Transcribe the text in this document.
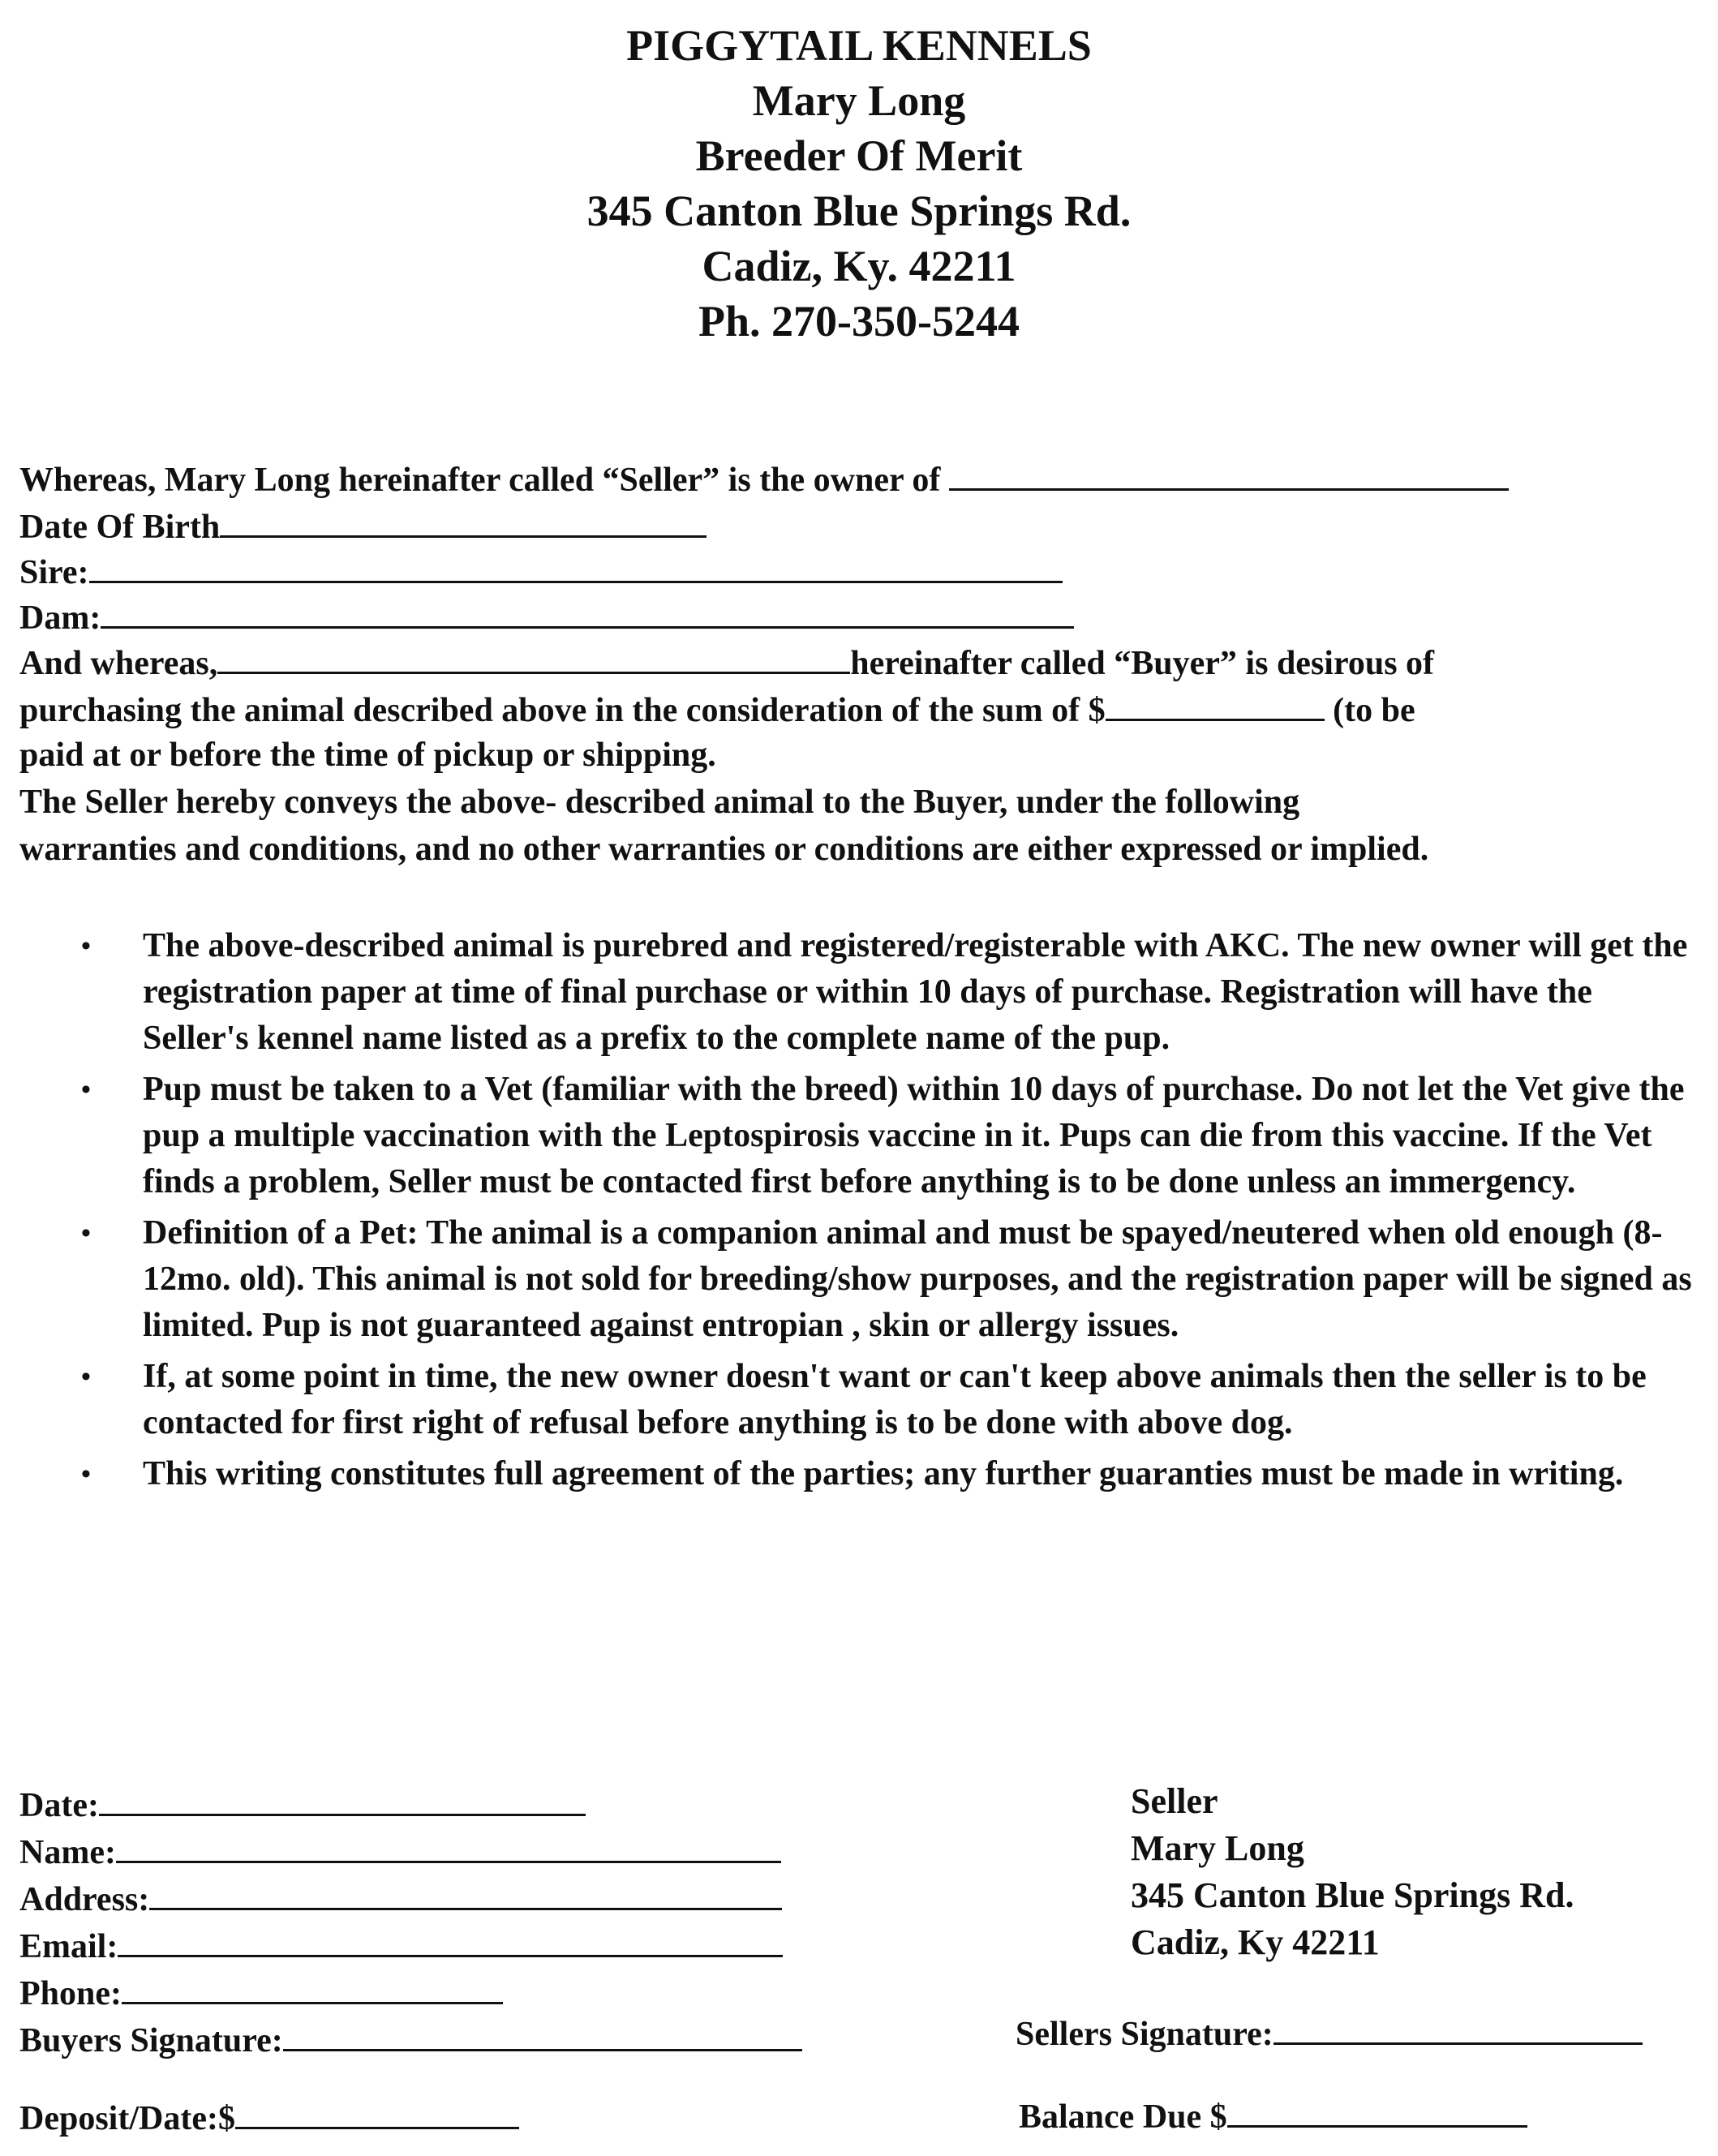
PIGGYTAIL KENNELS
Mary Long
Breeder Of Merit
345 Canton Blue Springs Rd.
Cadiz, Ky. 42211
Ph. 270-350-5244
Whereas, Mary Long hereinafter called “Seller” is the owner of
Date Of Birth
Sire:
Dam:
And whereas,	hereinafter called “Buyer” is desirous of
purchasing the animal described above in the consideration of the sum of $	(to be
paid at or before the time of pickup or shipping.
The Seller hereby conveys the above- described animal to the Buyer, under the following
warranties and conditions, and no other warranties or conditions are either expressed or implied.
• The above-described animal is purebred and registered/registerable with AKC. The new owner will get the registration paper at time of final purchase or within 10 days of purchase. Registration will have the Seller's kennel name listed as a prefix to the complete name of the pup.
• Pup must be taken to a Vet (familiar with the breed) within 10 days of purchase. Do not let the Vet give the pup a multiple vaccination with the Leptospirosis vaccine in it. Pups can die from this vaccine. If the Vet finds a problem, Seller must be contacted first before anything is to be done unless an immergency.
• Definition of a Pet: The animal is a companion animal and must be spayed/neutered when old enough (8-12mo. old). This animal is not sold for breeding/show purposes, and the registration paper will be signed as limited. Pup is not guaranteed against entropian , skin or allergy issues.
• If, at some point in time, the new owner doesn't want or can't keep above animals then the seller is to be contacted for first right of refusal before anything is to be done with above dog.
• This writing constitutes full agreement of the parties; any further guaranties must be made in writing.
Date:
Name:
Address:
Email:
Phone:
Buyers Signature:
Deposit/Date:$
Seller
Mary Long
345 Canton Blue Springs Rd.
Cadiz, Ky 42211
Sellers Signature:
Balance Due $
